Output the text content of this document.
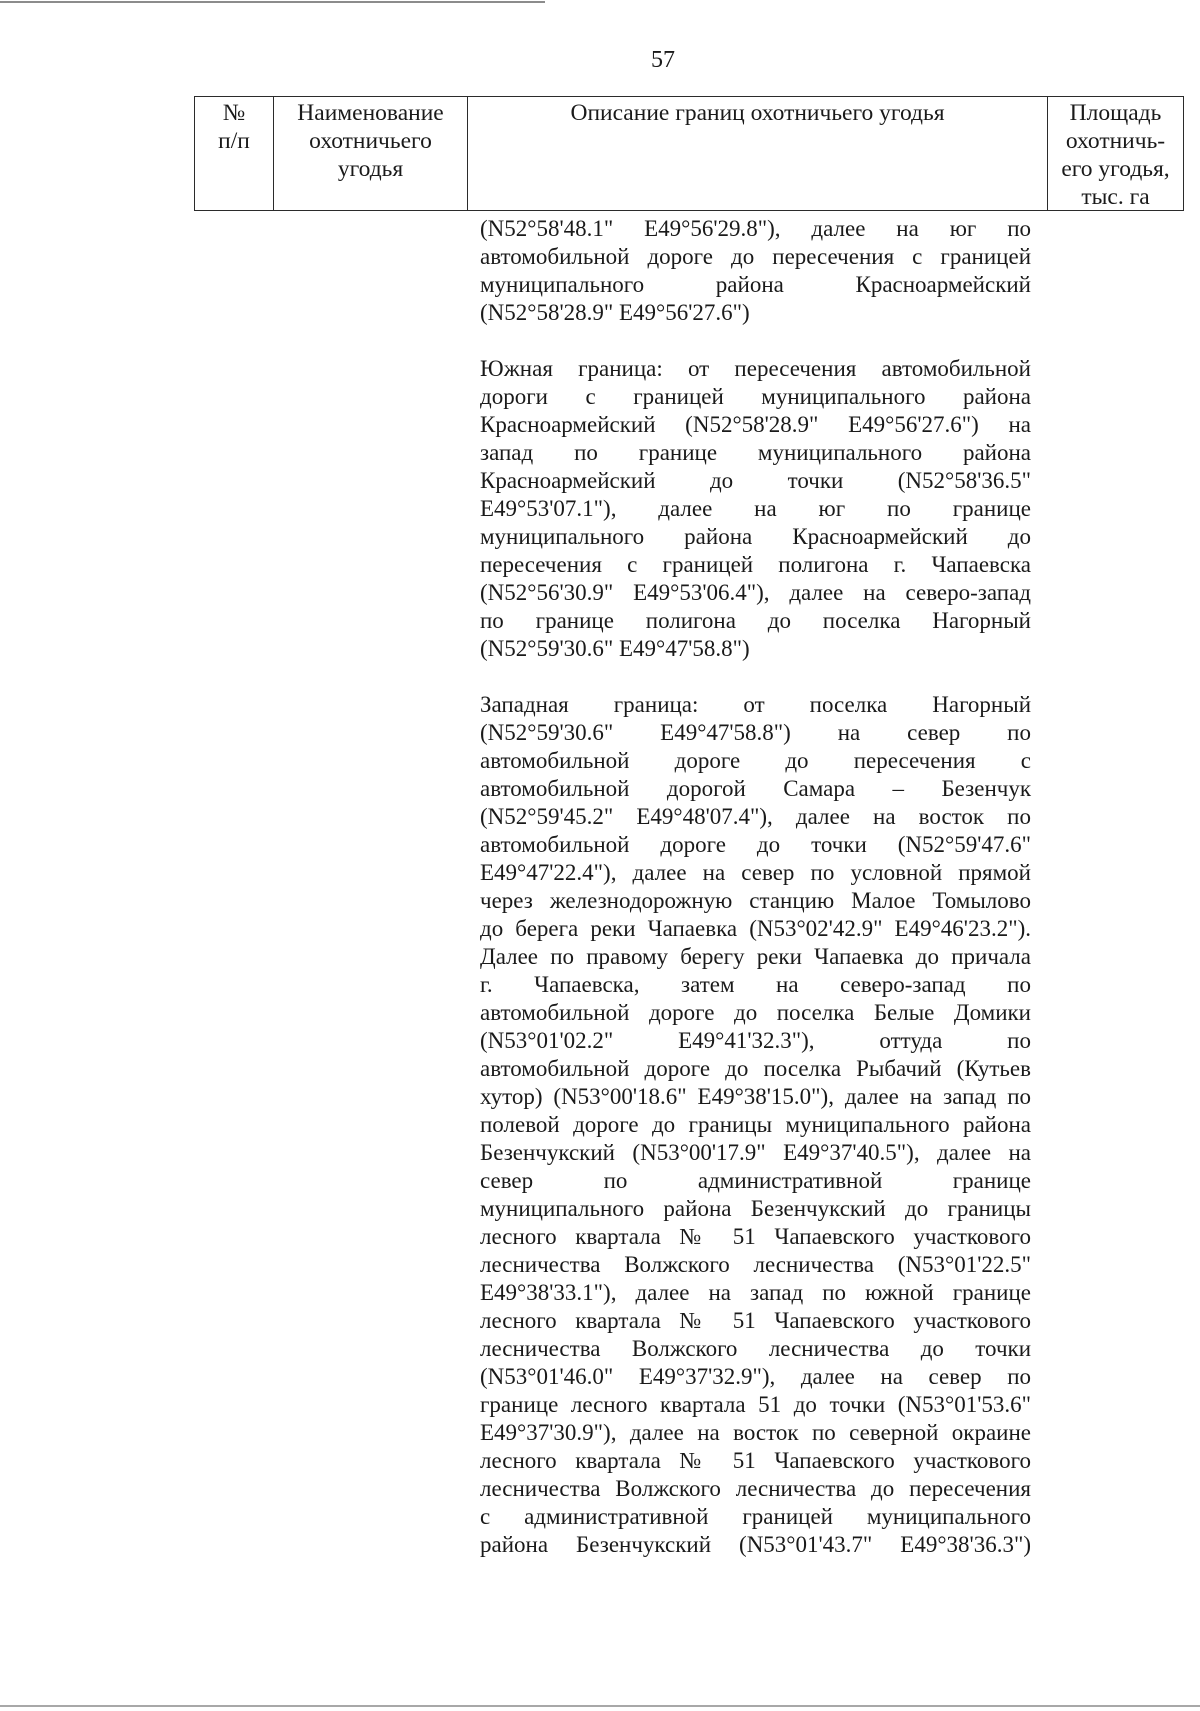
57
№
п/п
Наименование
охотничьего
угодья
Описание границ охотничьего угодья	Площадь
охотничь-
его угодья,
тыс. га
(N52°58'48.1" E49°56'29.8"), далее на юг по
автомобильной дороге до пересечения с границей
муниципального района Красноармейский
(N52°58'28.9" E49°56'27.6")
Южная граница: от пересечения автомобильной
дороги с границей муниципального района
Красноармейский (N52°58'28.9" E49°56'27.6") на
запад по границе муниципального района
Красноармейский до точки (N52°58'36.5"
E49°53'07.1"), далее на юг по границе
муниципального района Красноармейский до
пересечения с границей полигона г. Чапаевска
(N52°56'30.9" E49°53'06.4"), далее на северо-запад
по границе полигона до поселка Нагорный
(N52°59'30.6" E49°47'58.8")
Западная граница: от поселка Нагорный
(N52°59'30.6" E49°47'58.8") на север по
автомобильной дороге до пересечения с
автомобильной дорогой Самара – Безенчук
(N52°59'45.2" E49°48'07.4"), далее на восток по
автомобильной дороге до точки (N52°59'47.6"
E49°47'22.4"), далее на север по условной прямой
через железнодорожную станцию Малое Томылово
до берега реки Чапаевка (N53°02'42.9" E49°46'23.2").
Далее по правому берегу реки Чапаевка до причала
г. Чапаевска, затем на северо-запад по
автомобильной дороге до поселка Белые Домики
(N53°01'02.2" E49°41'32.3"), оттуда по
автомобильной дороге до поселка Рыбачий (Кутьев
хутор) (N53°00'18.6" E49°38'15.0"), далее на запад по
полевой дороге до границы муниципального района
Безенчукский (N53°00'17.9" E49°37'40.5"), далее на
север по административной границе
муниципального района Безенчукский до границы
лесного квартала № 51 Чапаевского участкового
лесничества Волжского лесничества (N53°01'22.5"
E49°38'33.1"), далее на запад по южной границе
лесного квартала № 51 Чапаевского участкового
лесничества Волжского лесничества до точки
(N53°01'46.0" E49°37'32.9"), далее на север по
границе лесного квартала 51 до точки (N53°01'53.6"
E49°37'30.9"), далее на восток по северной окраине
лесного квартала № 51 Чапаевского участкового
лесничества Волжского лесничества до пересечения
с административной границей муниципального
района Безенчукский (N53°01'43.7" E49°38'36.3")
